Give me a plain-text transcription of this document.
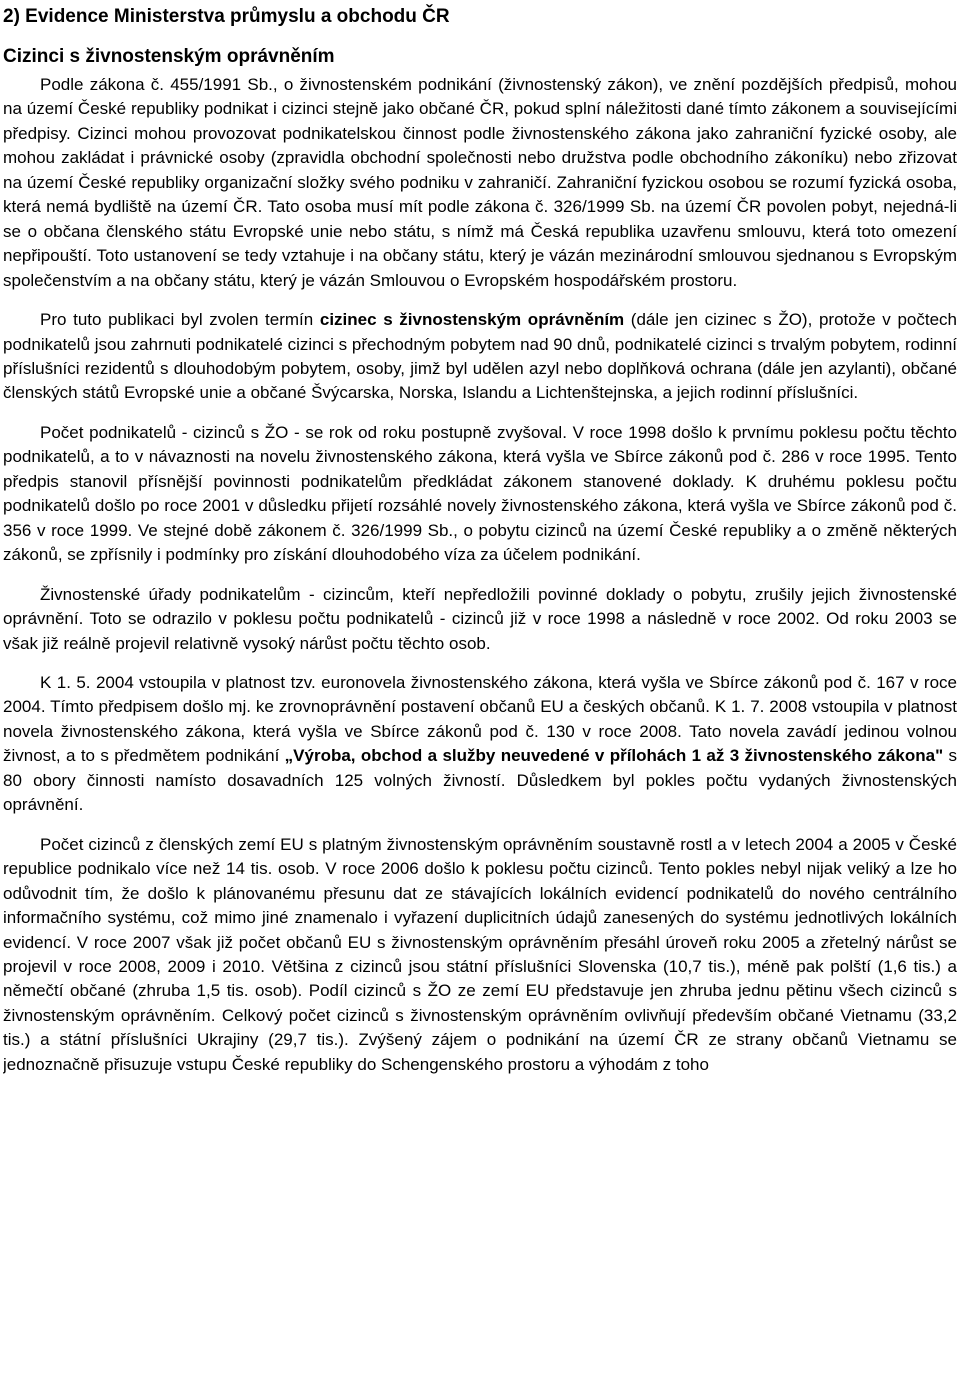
2) Evidence Ministerstva průmyslu a obchodu ČR
Cizinci s živnostenským oprávněním

Podle zákona č. 455/1991 Sb., o živnostenském podnikání (živnostenský zákon), ve znění pozdějších předpisů, mohou na území České republiky podnikat i cizinci stejně jako občané ČR, pokud splní náležitosti dané tímto zákonem a souvisejícími předpisy. Cizinci mohou provozovat podnikatelskou činnost podle živnostenského zákona jako zahraniční fyzické osoby, ale mohou zakládat i právnické osoby (zpravidla obchodní společnosti nebo družstva podle obchodního zákoníku) nebo zřizovat na území České republiky organizační složky svého podniku v zahraničí. Zahraniční fyzickou osobou se rozumí fyzická osoba, která nemá bydliště na území ČR. Tato osoba musí mít podle zákona č. 326/1999 Sb. na území ČR povolen pobyt, nejedná-li se o občana členského státu Evropské unie nebo státu, s nímž má Česká republika uzavřenu smlouvu, která toto omezení nepřipouští. Toto ustanovení se tedy vztahuje i na občany státu, který je vázán mezinárodní smlouvou sjednanou s Evropským společenstvím a na občany státu, který je vázán Smlouvou o Evropském hospodářském prostoru.

Pro tuto publikaci byl zvolen termín cizinec s živnostenským oprávněním (dále jen cizinec s ŽO), protože v počtech podnikatelů jsou zahrnuti podnikatelé cizinci s přechodným pobytem nad 90 dnů, podnikatelé cizinci s trvalým pobytem, rodinní příslušníci rezidentů s dlouhodobým pobytem, osoby, jimž byl udělen azyl nebo doplňková ochrana (dále jen azylanti), občané členských států Evropské unie a občané Švýcarska, Norska, Islandu a Lichtenštejnska, a jejich rodinní příslušníci.

Počet podnikatelů - cizinců s ŽO - se rok od roku postupně zvyšoval. V roce 1998 došlo k prvnímu poklesu počtu těchto podnikatelů, a to v návaznosti na novelu živnostenského zákona, která vyšla ve Sbírce zákonů pod č. 286 v roce 1995. Tento předpis stanovil přísnější povinnosti podnikatelům předkládat zákonem stanovené doklady. K druhému poklesu počtu podnikatelů došlo po roce 2001 v důsledku přijetí rozsáhlé novely živnostenského zákona, která vyšla ve Sbírce zákonů pod č. 356 v roce 1999. Ve stejné době zákonem č. 326/1999 Sb., o pobytu cizinců na území České republiky a o změně některých zákonů, se zpřísnily i podmínky pro získání dlouhodobého víza za účelem podnikání.

Živnostenské úřady podnikatelům - cizincům, kteří nepředložili povinné doklady o pobytu, zrušily jejich živnostenské oprávnění. Toto se odrazilo v poklesu počtu podnikatelů - cizinců již v roce 1998 a následně v roce 2002. Od roku 2003 se však již reálně projevil relativně vysoký nárůst počtu těchto osob.

K 1. 5. 2004 vstoupila v platnost tzv. euronovela živnostenského zákona, která vyšla ve Sbírce zákonů pod č. 167 v roce 2004. Tímto předpisem došlo mj. ke zrovnoprávnění postavení občanů EU a českých občanů. K 1. 7. 2008 vstoupila v platnost novela živnostenského zákona, která vyšla ve Sbírce zákonů pod č. 130 v roce 2008. Tato novela zavádí jedinou volnou živnost, a to s předmětem podnikání „Výroba, obchod a služby neuvedené v přílohách 1 až 3 živnostenského zákona" s 80 obory činnosti namísto dosavadních 125 volných živností. Důsledkem byl pokles počtu vydaných živnostenských oprávnění.

Počet cizinců z členských zemí EU s platným živnostenským oprávněním soustavně rostl a v letech 2004 a 2005 v České republice podnikalo více než 14 tis. osob. V roce 2006 došlo k poklesu počtu cizinců. Tento pokles nebyl nijak veliký a lze ho odůvodnit tím, že došlo k plánovanému přesunu dat ze stávajících lokálních evidencí podnikatelů do nového centrálního informačního systému, což mimo jiné znamenalo i vyřazení duplicitních údajů zanesených do systému jednotlivých lokálních evidencí. V roce 2007 však již počet občanů EU s živnostenským oprávněním přesáhl úroveň roku 2005 a zřetelný nárůst se projevil v roce 2008, 2009 i 2010. Většina z cizinců jsou státní příslušníci Slovenska (10,7 tis.), méně pak polští (1,6 tis.) a němečtí občané (zhruba 1,5 tis. osob). Podíl cizinců s ŽO ze zemí EU představuje jen zhruba jednu pětinu všech cizinců s živnostenským oprávněním. Celkový počet cizinců s živnostenským oprávněním ovlivňují především občané Vietnamu (33,2 tis.) a státní příslušníci Ukrajiny (29,7 tis.). Zvýšený zájem o podnikání na území ČR ze strany občanů Vietnamu se jednoznačně přisuzuje vstupu České republiky do Schengenského prostoru a výhodám z toho
